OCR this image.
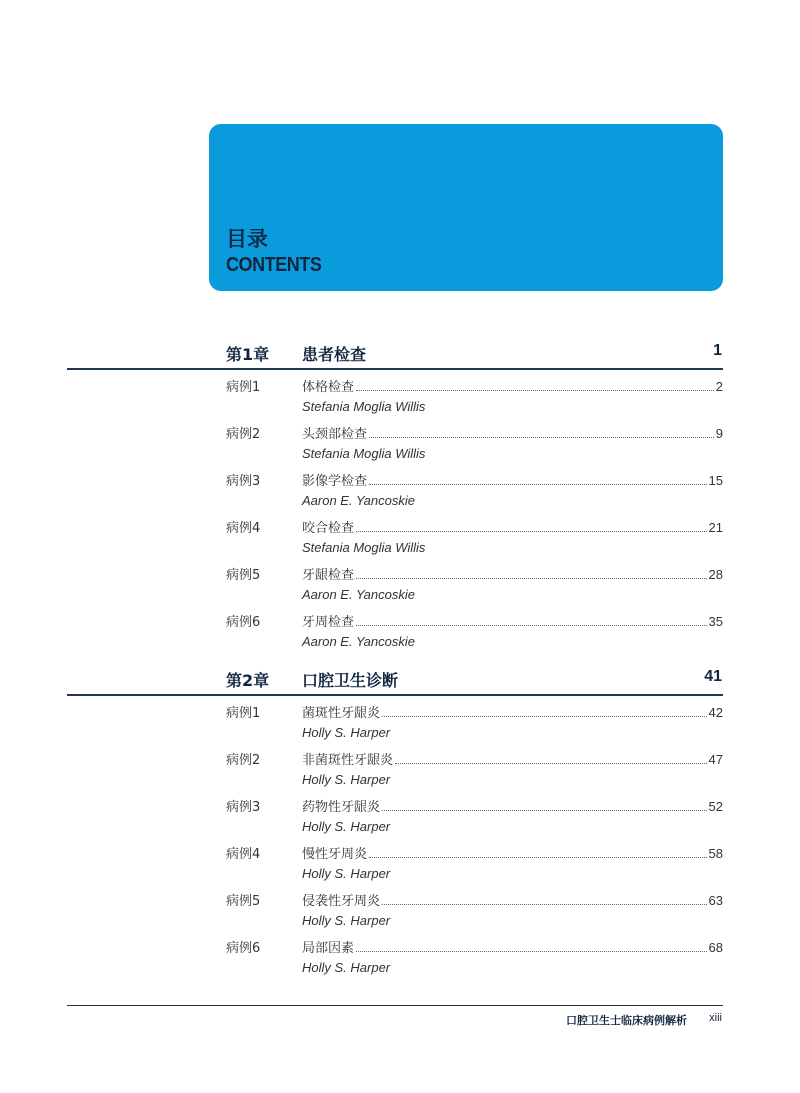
目录
CONTENTS
第1章 患者检查	1
病例1	体格检查	2
Stefania Moglia Willis
病例2	头颈部检查	9
Stefania Moglia Willis
病例3	影像学检查	15
Aaron E. Yancoskie
病例4	咬合检查	21
Stefania Moglia Willis
病例5	牙龈检查	28
Aaron E. Yancoskie
病例6	牙周检查	35
Aaron E. Yancoskie
第2章 口腔卫生诊断	41
病例1	菌斑性牙龈炎	42
Holly S. Harper
病例2	非菌斑性牙龈炎	47
Holly S. Harper
病例3	药物性牙龈炎	52
Holly S. Harper
病例4	慢性牙周炎	58
Holly S. Harper
病例5	侵袭性牙周炎	63
Holly S. Harper
病例6	局部因素	68
Holly S. Harper
口腔卫生士临床病例解析 xiii
